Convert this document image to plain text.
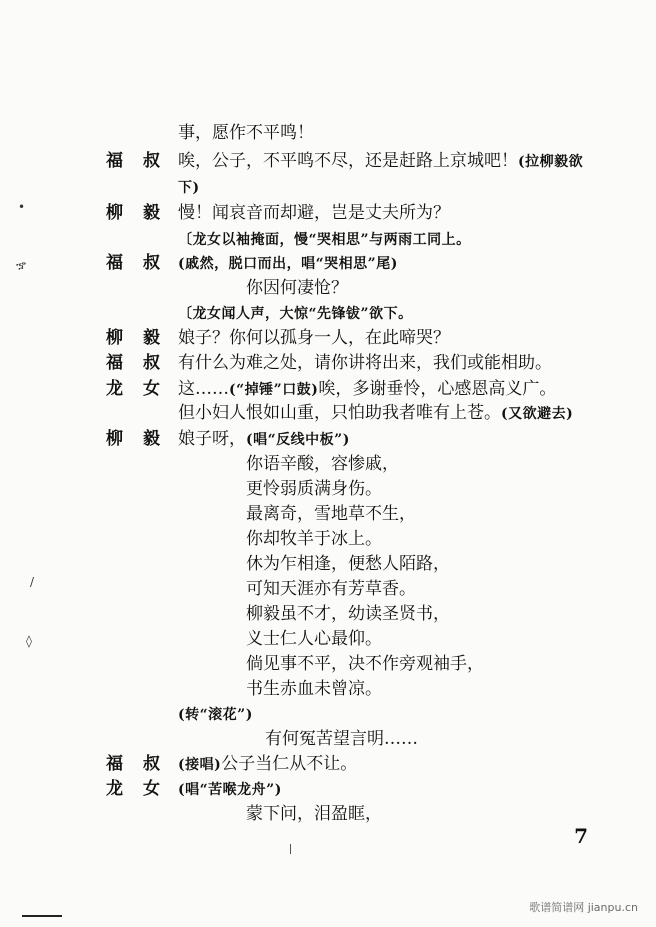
事，愿作不平鸣！
福叔
唉，公子，不平鸣不尽，还是赶路上京城吧！(拉柳毅欲
下)
柳毅
慢！闻哀音而却避，岂是丈夫所为？
〔龙女以袖掩面，慢“哭相思”与两雨工同上。
福叔
(戚然，脱口而出，唱“哭相思”尾)
你因何凄怆？
〔龙女闻人声，大惊“先锋钹”欲下。
柳毅
娘子？你何以孤身一人，在此啼哭？
福叔
有什么为难之处，请你讲将出来，我们或能相助。
龙女
这……(“掉锤”口鼓)唉，多谢垂怜，心感恩高义广。
但小妇人恨如山重，只怕助我者唯有上苍。(又欲避去)
柳毅
娘子呀，(唱“反线中板”)
你语辛酸，容惨戚，
更怜弱质满身伤。
最离奇，雪地草不生，
你却牧羊于冰上。
休为乍相逢，便愁人陌路，
可知天涯亦有芳草香。
柳毅虽不才，幼读圣贤书，
义士仁人心最仰。
倘见事不平，决不作旁观袖手，
书生赤血未曾凉。
(转“滚花”)
有何冤苦望言明……
福叔
(接唱)公子当仁从不让。
龙女
(唱“苦喉龙舟”)
蒙下问，泪盈眶，
7
歌谱简谱网 jianpu.cn
•
ኇ
/
◊
